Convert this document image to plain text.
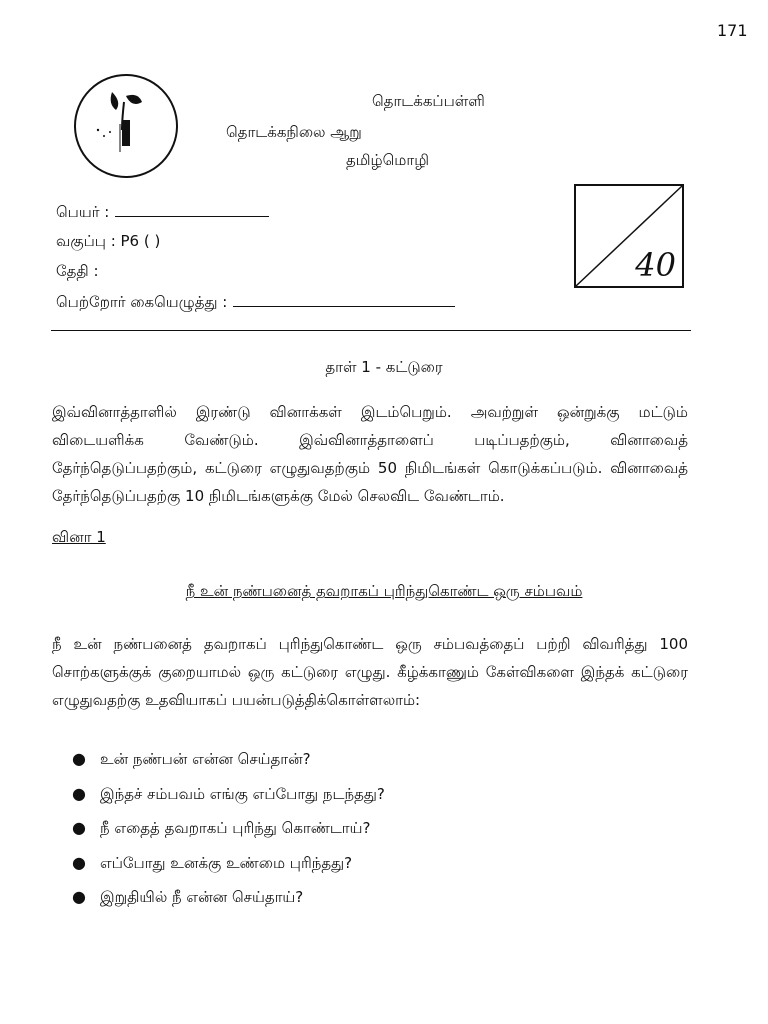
171
தொடக்கப்பள்ளி
தொடக்கநிலை ஆறு
தமிழ்மொழி
பெயர் :
வகுப்பு : P6 ( )
தேதி :
பெற்றோர் கையெழுத்து :
40
தாள் 1 - கட்டுரை

இவ்வினாத்தாளில் இரண்டு வினாக்கள் இடம்பெறும். அவற்றுள் ஒன்றுக்கு மட்டும் விடையளிக்க வேண்டும். இவ்வினாத்தாளைப் படிப்பதற்கும், வினாவைத் தேர்ந்தெடுப்பதற்கும், கட்டுரை எழுதுவதற்கும் 50 நிமிடங்கள் கொடுக்கப்படும். வினாவைத் தேர்ந்தெடுப்பதற்கு 10 நிமிடங்களுக்கு மேல் செலவிட வேண்டாம்.

வினா 1
நீ உன் நண்பனைத் தவறாகப் புரிந்துகொண்ட ஒரு சம்பவம்

நீ உன் நண்பனைத் தவறாகப் புரிந்துகொண்ட ஒரு சம்பவத்தைப் பற்றி விவரித்து 100 சொற்களுக்குக் குறையாமல் ஒரு கட்டுரை எழுது. கீழ்க்காணும் கேள்விகளை இந்தக் கட்டுரை எழுதுவதற்கு உதவியாகப் பயன்படுத்திக்கொள்ளலாம்:

● உன் நண்பன் என்ன செய்தான்?
● இந்தச் சம்பவம் எங்கு எப்போது நடந்தது?
● நீ எதைத் தவறாகப் புரிந்து கொண்டாய்?
● எப்போது உனக்கு உண்மை புரிந்தது?
● இறுதியில் நீ என்ன செய்தாய்?
